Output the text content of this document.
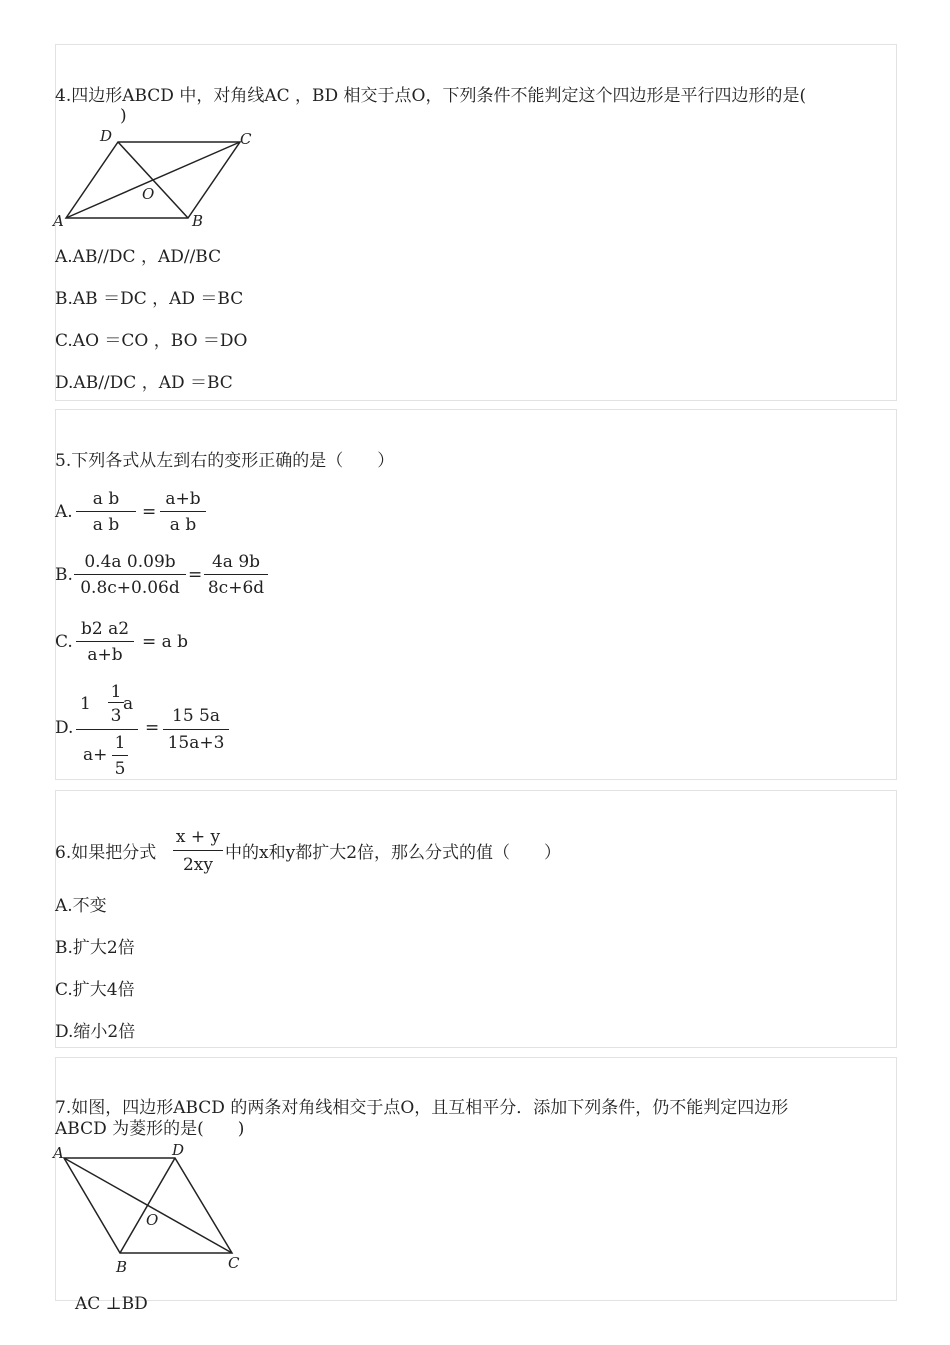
4.四边形ABCD 中，对角线AC ，BD 相交于点O，下列条件不能判定这个四边形是平行四边形的是(
)
D	C
O
A	B
A.AB//DC ，AD//BC
B.AB ＝DC ，AD ＝BC
C.AO ＝CO ，BO ＝DO
D.AB//DC ，AD ＝BC
5.下列各式从左到右的变形正确的是（　　）
A.
a b
a b
=
a+b
a b
B.
0.4a 0.09b
0.8c+0.06d
=
4a 9b
8c+6d
C.
b2 a2
a+b
= a b
D.
1
1
3
a
a+
1
5
=
15 5a
15a+3
6.如果把分式
x + y
2xy
中的x和y都扩大2倍，那么分式的值（　　）
A.不变
B.扩大2倍
C.扩大4倍
D.缩小2倍
7.如图，四边形ABCD 的两条对角线相交于点O，且互相平分．添加下列条件，仍不能判定四边形
ABCD 为菱形的是(　　)
A	D
O
B	C
AC ⊥BD
